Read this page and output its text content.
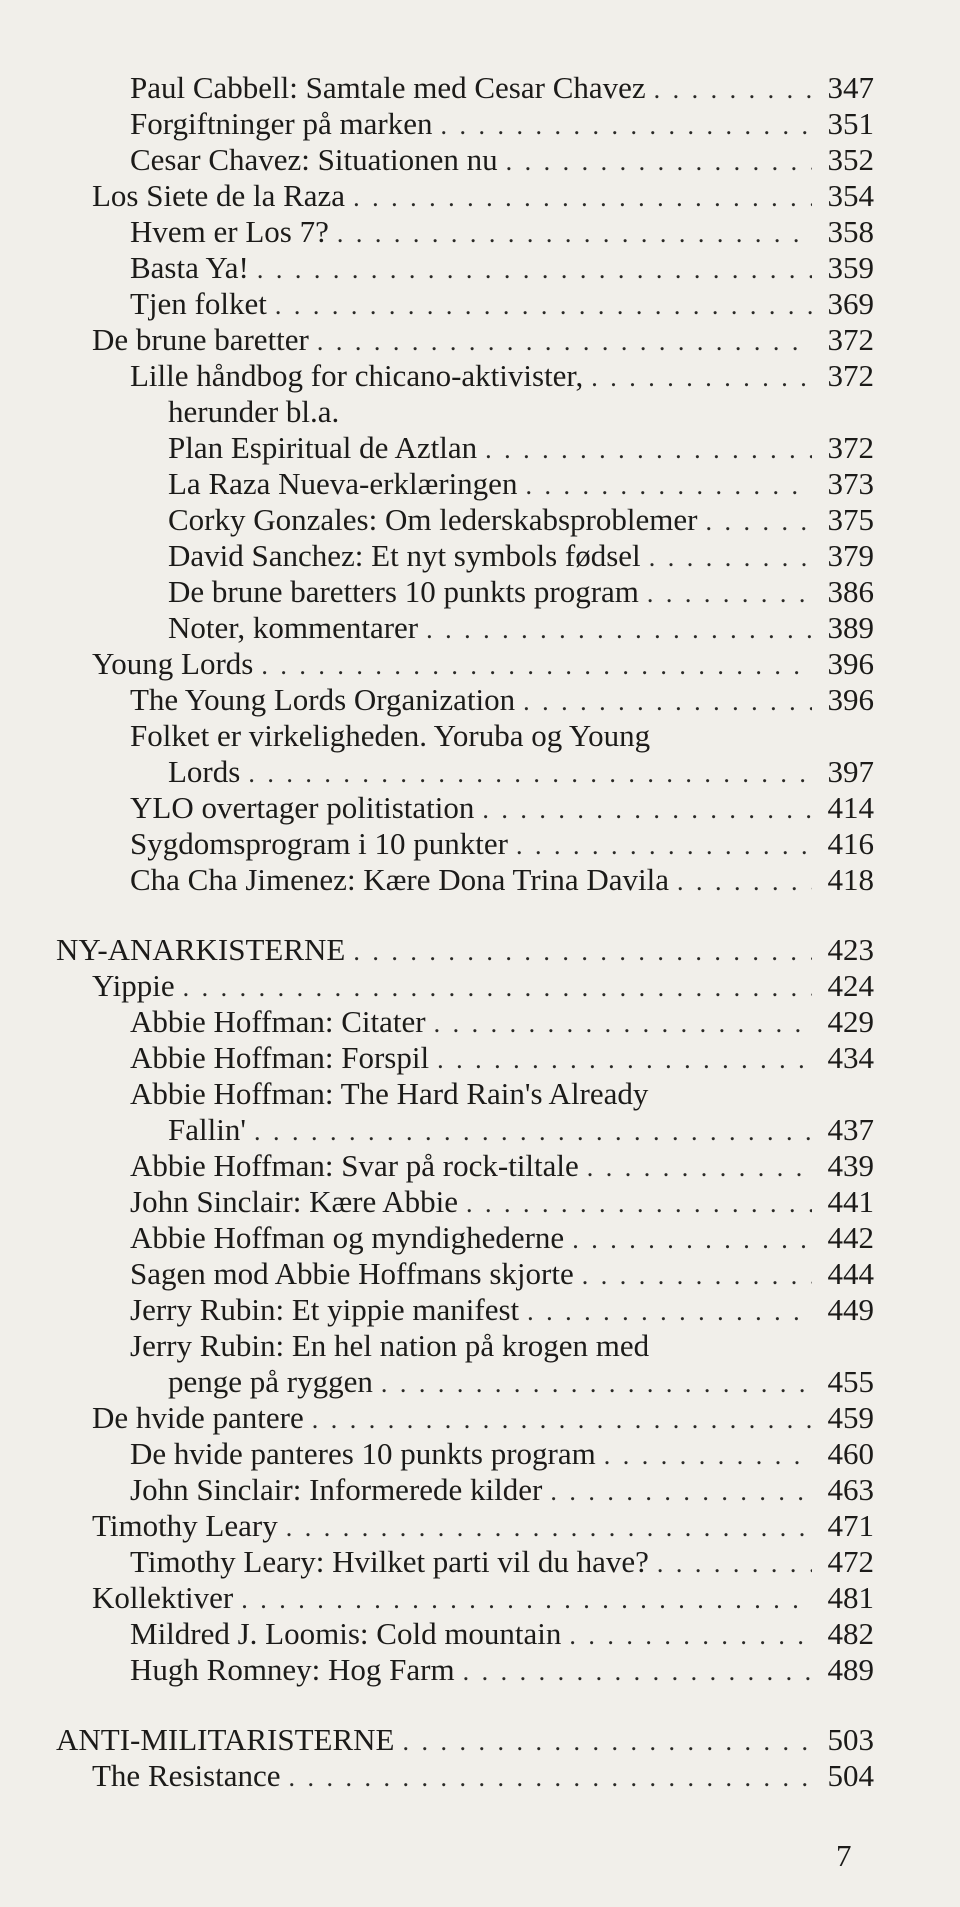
Paul Cabbell: Samtale med Cesar Chavez . . .	347
Forgiftninger på marken . . .	351
Cesar Chavez: Situationen nu . . .	352
Los Siete de la Raza . . .	354
Hvem er Los 7? . . .	358
Basta Ya! . . .	359
Tjen folket . . .	369
De brune baretter . . .	372
Lille håndbog for chicano-aktivister, . . .	372
herunder bl.a.
Plan Espiritual de Aztlan . . .	372
La Raza Nueva-erklæringen . . .	373
Corky Gonzales: Om lederskabsproblemer . . .	375
David Sanchez: Et nyt symbols fødsel . . .	379
De brune baretters 10 punkts program . . .	386
Noter, kommentarer . . .	389
Young Lords . . .	396
The Young Lords Organization . . .	396
Folket er virkeligheden. Yoruba og Young
Lords . . .	397
YLO overtager politistation . . .	414
Sygdomsprogram i 10 punkter . . .	416
Cha Cha Jimenez: Kære Dona Trina Davila . . .	418
NY-ANARKISTERNE . . .	423
Yippie . . .	424
Abbie Hoffman: Citater . . .	429
Abbie Hoffman: Forspil . . .	434
Abbie Hoffman: The Hard Rain's Already
Fallin' . . .	437
Abbie Hoffman: Svar på rock-tiltale . . .	439
John Sinclair: Kære Abbie . . .	441
Abbie Hoffman og myndighederne . . .	442
Sagen mod Abbie Hoffmans skjorte . . .	444
Jerry Rubin: Et yippie manifest . . .	449
Jerry Rubin: En hel nation på krogen med
penge på ryggen . . .	455
De hvide pantere . . .	459
De hvide panteres 10 punkts program . . .	460
John Sinclair: Informerede kilder . . .	463
Timothy Leary . . .	471
Timothy Leary: Hvilket parti vil du have? . . .	472
Kollektiver . . .	481
Mildred J. Loomis: Cold mountain . . .	482
Hugh Romney: Hog Farm . . .	489
ANTI-MILITARISTERNE . . .	503
The Resistance . . .	504
7
